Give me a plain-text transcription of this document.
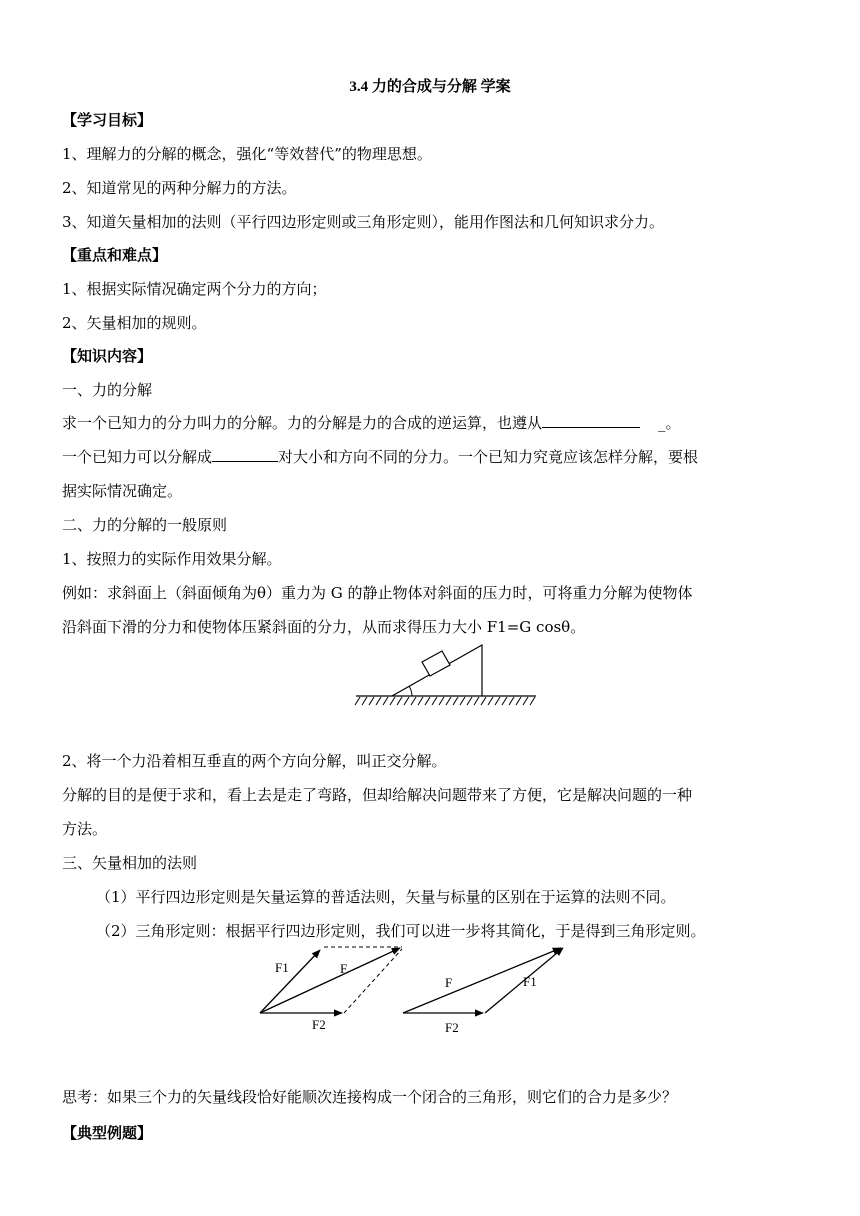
3.4 力的合成与分解 学案
【学习目标】
1、理解力的分解的概念，强化“等效替代”的物理思想。
2、知道常见的两种分解力的方法。
3、知道矢量相加的法则（平行四边形定则或三角形定则），能用作图法和几何知识求分力。
【重点和难点】
1、根据实际情况确定两个分力的方向；
2、矢量相加的规则。
【知识内容】
一、力的分解
求一个已知力的分力叫力的分解。力的分解是力的合成的逆运算，也遵从	_。
一个已知力可以分解成	对大小和方向不同的分力。一个已知力究竟应该怎样分解，要根
据实际情况确定。
二、力的分解的一般原则
1、按照力的实际作用效果分解。
例如：求斜面上（斜面倾角为θ）重力为 G 的静止物体对斜面的压力时，可将重力分解为使物体
沿斜面下滑的分力和使物体压紧斜面的分力，从而求得压力大小 F1=G cosθ。
2、将一个力沿着相互垂直的两个方向分解，叫正交分解。
分解的目的是便于求和，看上去是走了弯路，但却给解决问题带来了方便，它是解决问题的一种
方法。
三、矢量相加的法则
（1）平行四边形定则是矢量运算的普适法则，矢量与标量的区别在于运算的法则不同。
（2）三角形定则：根据平行四边形定则，我们可以进一步将其简化，于是得到三角形定则。
F1	F
F2
F	F1
F2
思考：如果三个力的矢量线段恰好能顺次连接构成一个闭合的三角形，则它们的合力是多少？
【典型例题】
